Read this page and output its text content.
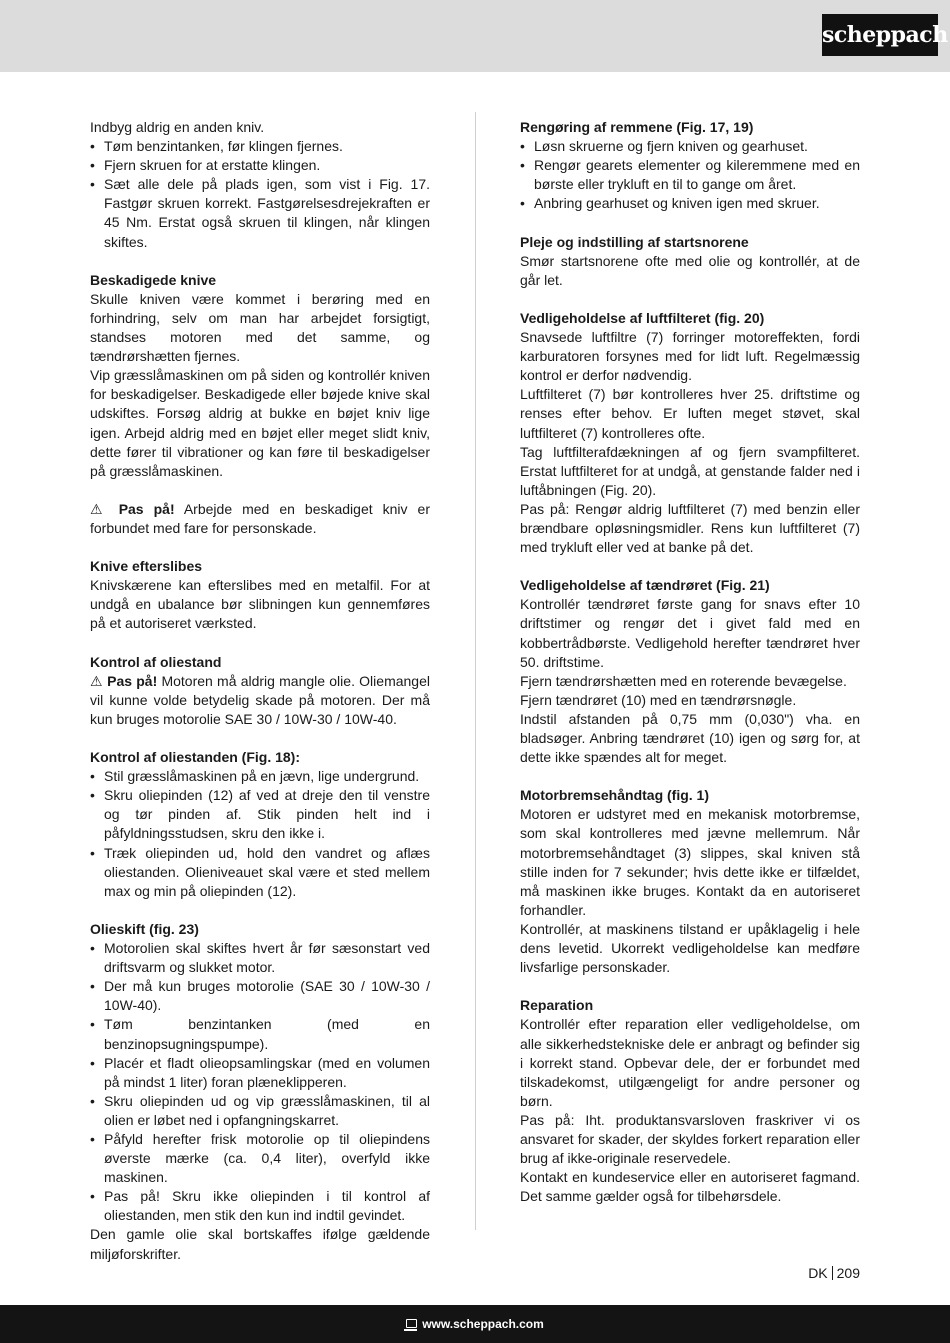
scheppach
Indbyg aldrig en anden kniv.
• Tøm benzintanken, før klingen fjernes.
• Fjern skruen for at erstatte klingen.
• Sæt alle dele på plads igen, som vist i Fig. 17. Fastgør skruen korrekt. Fastgørelsesdrejekraften er 45 Nm. Erstat også skruen til klingen, når klingen skiftes.
Beskadigede knive
Skulle kniven være kommet i berøring med en forhindring, selv om man har arbejdet forsigtigt, standses motoren med det samme, og tændrørshætten fjernes.
Vip græsslåmaskinen om på siden og kontrollér kniven for beskadigelser. Beskadigede eller bøjede knive skal udskiftes. Forsøg aldrig at bukke en bøjet kniv lige igen. Arbejd aldrig med en bøjet eller meget slidt kniv, dette fører til vibrationer og kan føre til beskadigelser på græsslåmaskinen.
⚠ Pas på! Arbejde med en beskadiget kniv er forbundet med fare for personskade.
Knive efterslibes
Knivskærene kan efterslibes med en metalfil. For at undgå en ubalance bør slibningen kun gennemføres på et autoriseret værksted.
Kontrol af oliestand
⚠ Pas på! Motoren må aldrig mangle olie. Oliemangel vil kunne volde betydelig skade på motoren. Der må kun bruges motorolie SAE 30 / 10W-30 / 10W-40.
Kontrol af oliestanden (Fig. 18):
• Stil græsslåmaskinen på en jævn, lige undergrund.
• Skru oliepinden (12) af ved at dreje den til venstre og tør pinden af. Stik pinden helt ind i påfyldningsstudsen, skru den ikke i.
• Træk oliepinden ud, hold den vandret og aflæs oliestanden. Olieniveauet skal være et sted mellem max og min på oliepinden (12).
Olieskift (fig. 23)
• Motorolien skal skiftes hvert år før sæsonstart ved driftsvarm og slukket motor.
• Der må kun bruges motorolie (SAE 30 / 10W-30 / 10W-40).
• Tøm benzintanken (med en benzinopsugningspumpe).
• Placér et fladt olieopsamlingskar (med en volumen på mindst 1 liter) foran plæneklipperen.
• Skru oliepinden ud og vip græsslåmaskinen, til al olien er løbet ned i opfangningskarret.
• Påfyld herefter frisk motorolie op til oliepindens øverste mærke (ca. 0,4 liter), overfyld ikke maskinen.
• Pas på! Skru ikke oliepinden i til kontrol af oliestanden, men stik den kun ind indtil gevindet.
Den gamle olie skal bortskaffes ifølge gældende miljøforskrifter.
Rengøring af remmene (Fig. 17, 19)
• Løsn skruerne og fjern kniven og gearhuset.
• Rengør gearets elementer og kileremmene med en børste eller trykluft en til to gange om året.
• Anbring gearhuset og kniven igen med skruer.
Pleje og indstilling af startsnorene
Smør startsnorene ofte med olie og kontrollér, at de går let.
Vedligeholdelse af luftfilteret (fig. 20)
Snavsede luftfiltre (7) forringer motoreffekten, fordi karburatoren forsynes med for lidt luft. Regelmæssig kontrol er derfor nødvendig.
Luftfilteret (7) bør kontrolleres hver 25. driftstime og renses efter behov. Er luften meget støvet, skal luftfilteret (7) kontrolleres ofte.
Tag luftfilterafdækningen af og fjern svampfilteret. Erstat luftfilteret for at undgå, at genstande falder ned i luftåbningen (Fig. 20).
Pas på: Rengør aldrig luftfilteret (7) med benzin eller brændbare opløsningsmidler. Rens kun luftfilteret (7) med trykluft eller ved at banke på det.
Vedligeholdelse af tændrøret (Fig. 21)
Kontrollér tændrøret første gang for snavs efter 10 driftstimer og rengør det i givet fald med en kobbertrådbørste. Vedligehold herefter tændrøret hver 50. driftstime.
Fjern tændrørshætten med en roterende bevægelse.
Fjern tændrøret (10) med en tændrørsnøgle.
Indstil afstanden på 0,75 mm (0,030") vha. en bladsøger. Anbring tændrøret (10) igen og sørg for, at dette ikke spændes alt for meget.
Motorbremsehåndtag (fig. 1)
Motoren er udstyret med en mekanisk motorbremse, som skal kontrolleres med jævne mellemrum. Når motorbremsehåndtaget (3) slippes, skal kniven stå stille inden for 7 sekunder; hvis dette ikke er tilfældet, må maskinen ikke bruges. Kontakt da en autoriseret forhandler.
Kontrollér, at maskinens tilstand er upåklagelig i hele dens levetid. Ukorrekt vedligeholdelse kan medføre livsfarlige personskader.
Reparation
Kontrollér efter reparation eller vedligeholdelse, om alle sikkerhedstekniske dele er anbragt og befinder sig i korrekt stand. Opbevar dele, der er forbundet med tilskadekomst, utilgængeligt for andre personer og børn.
Pas på: Iht. produktansvarsloven fraskriver vi os ansvaret for skader, der skyldes forkert reparation eller brug af ikke-originale reservedele.
Kontakt en kundeservice eller en autoriseret fagmand. Det samme gælder også for tilbehørsdele.
DK 209
www.scheppach.com
